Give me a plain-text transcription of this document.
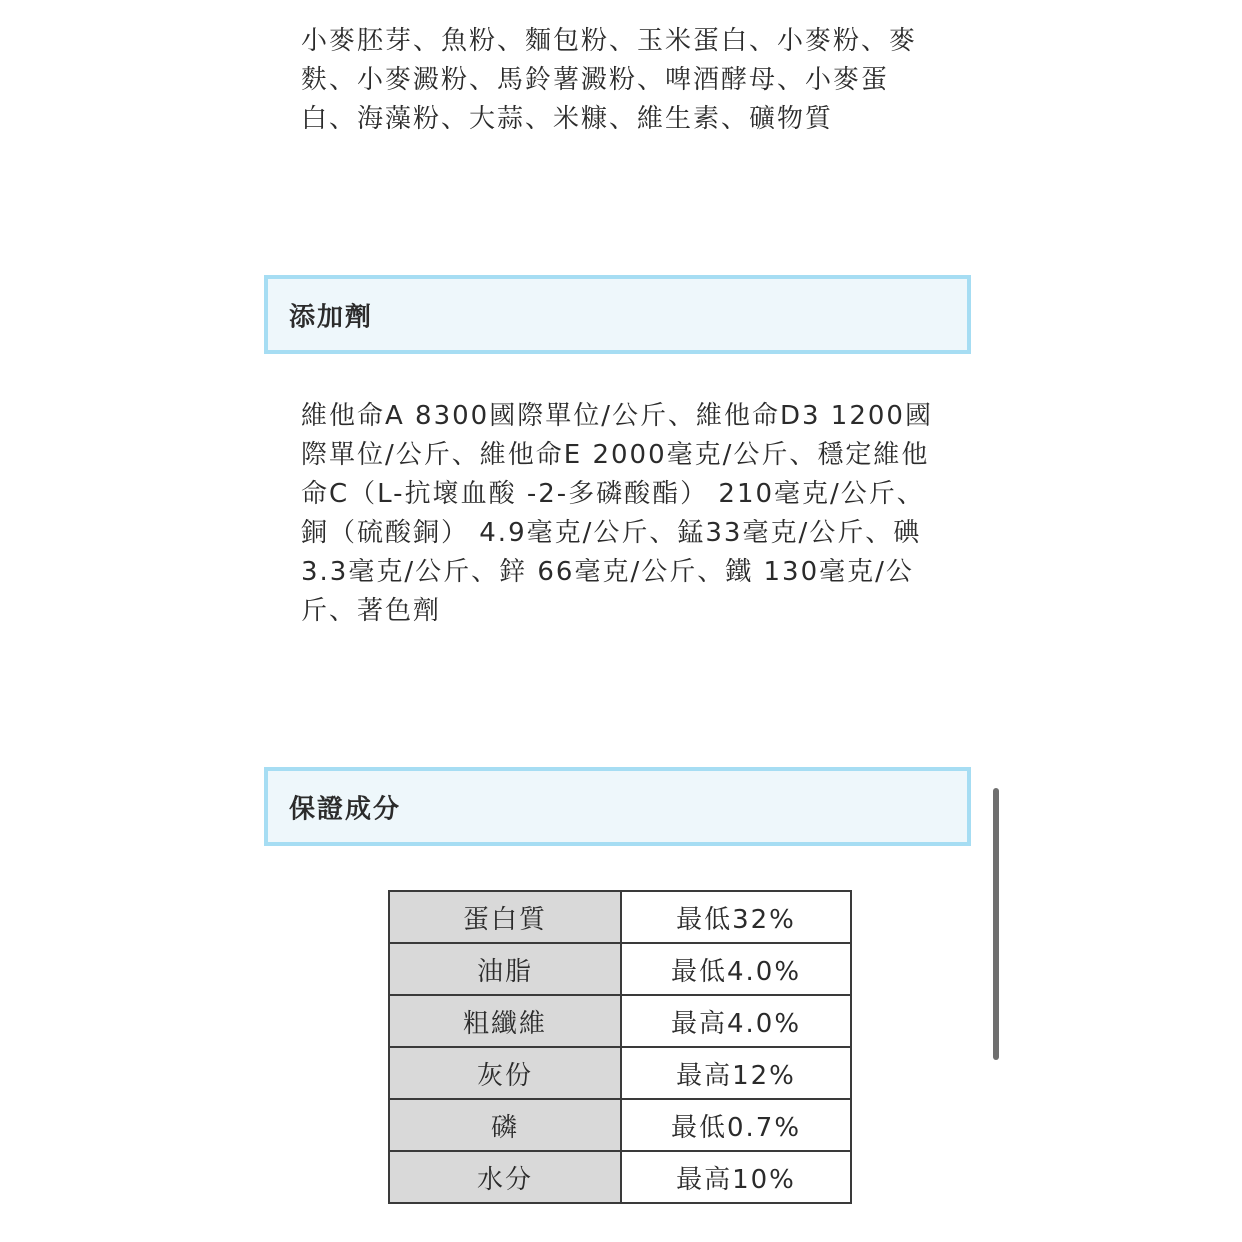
小麥胚芽、魚粉、麵包粉、玉米蛋白、小麥粉、麥麩、小麥澱粉、馬鈴薯澱粉、啤酒酵母、小麥蛋白、海藻粉、大蒜、米糠、維生素、礦物質

添加劑

維他命A 8300國際單位/公斤、維他命D3 1200國際單位/公斤、維他命E 2000毫克/公斤、穩定維他命C（L-抗壞血酸 -2-多磷酸酯） 210毫克/公斤、銅（硫酸銅） 4.9毫克/公斤、錳33毫克/公斤、碘3.3毫克/公斤、鋅 66毫克/公斤、鐵 130毫克/公斤、著色劑

保證成分
蛋白質	最低32%
油脂	最低4.0%
粗纖維	最高4.0%
灰份	最高12%
磷	最低0.7%
水分	最高10%
